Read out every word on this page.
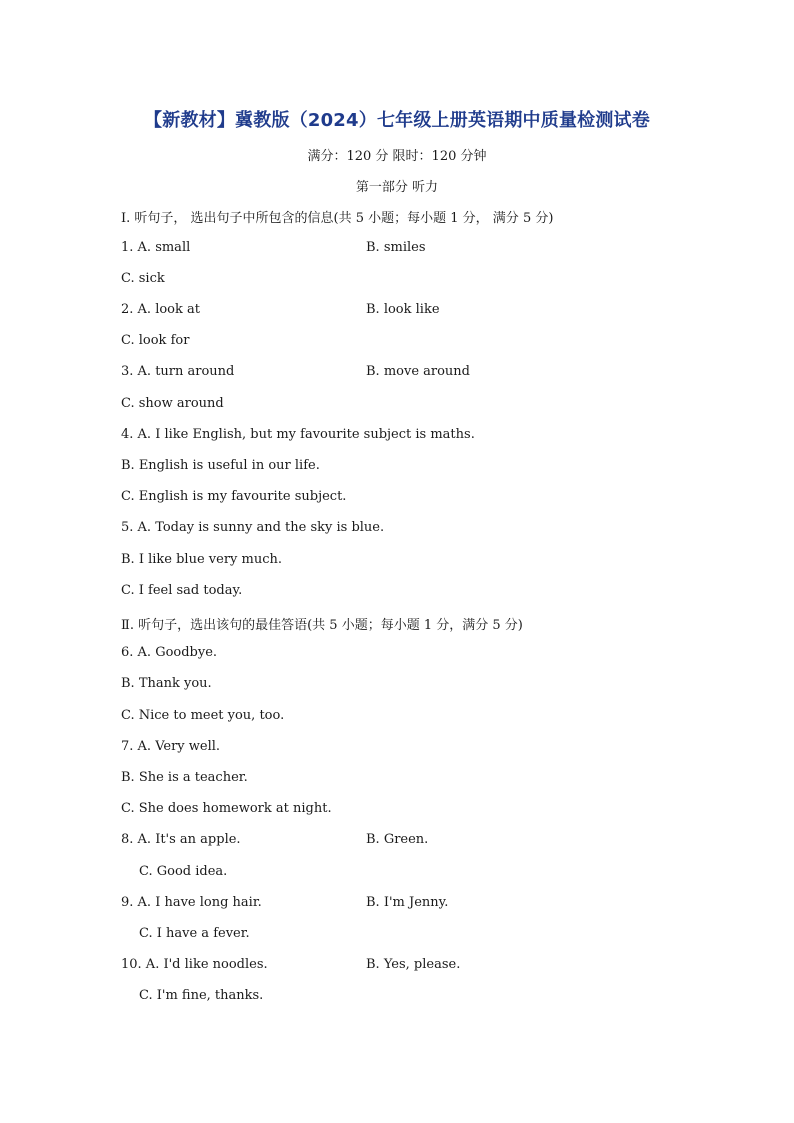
【新教材】冀教版（2024）七年级上册英语期中质量检测试卷
满分：120 分 限时：120 分钟
第一部分 听力
Ⅰ. 听句子， 选出句子中所包含的信息(共 5 小题；每小题 1 分， 满分 5 分)
1. A. small	B. smiles
C. sick
2. A. look at	B. look like
C. look for
3. A. turn around	B. move around
C. show around
4. A. I like English, but my favourite subject is maths.
B. English is useful in our life.
C. English is my favourite subject.
5. A. Today is sunny and the sky is blue.
B. I like blue very much.
C. I feel sad today.
Ⅱ. 听句子，选出该句的最佳答语(共 5 小题；每小题 1 分，满分 5 分)
6. A. Goodbye.
B. Thank you.
C. Nice to meet you, too.
7. A. Very well.
B. She is a teacher.
C. She does homework at night.
8. A. It's an apple.	B. Green.
C. Good idea.
9. A. I have long hair.	B. I'm Jenny.
C. I have a fever.
10. A. I'd like noodles.	B. Yes, please.
C. I'm fine, thanks.
